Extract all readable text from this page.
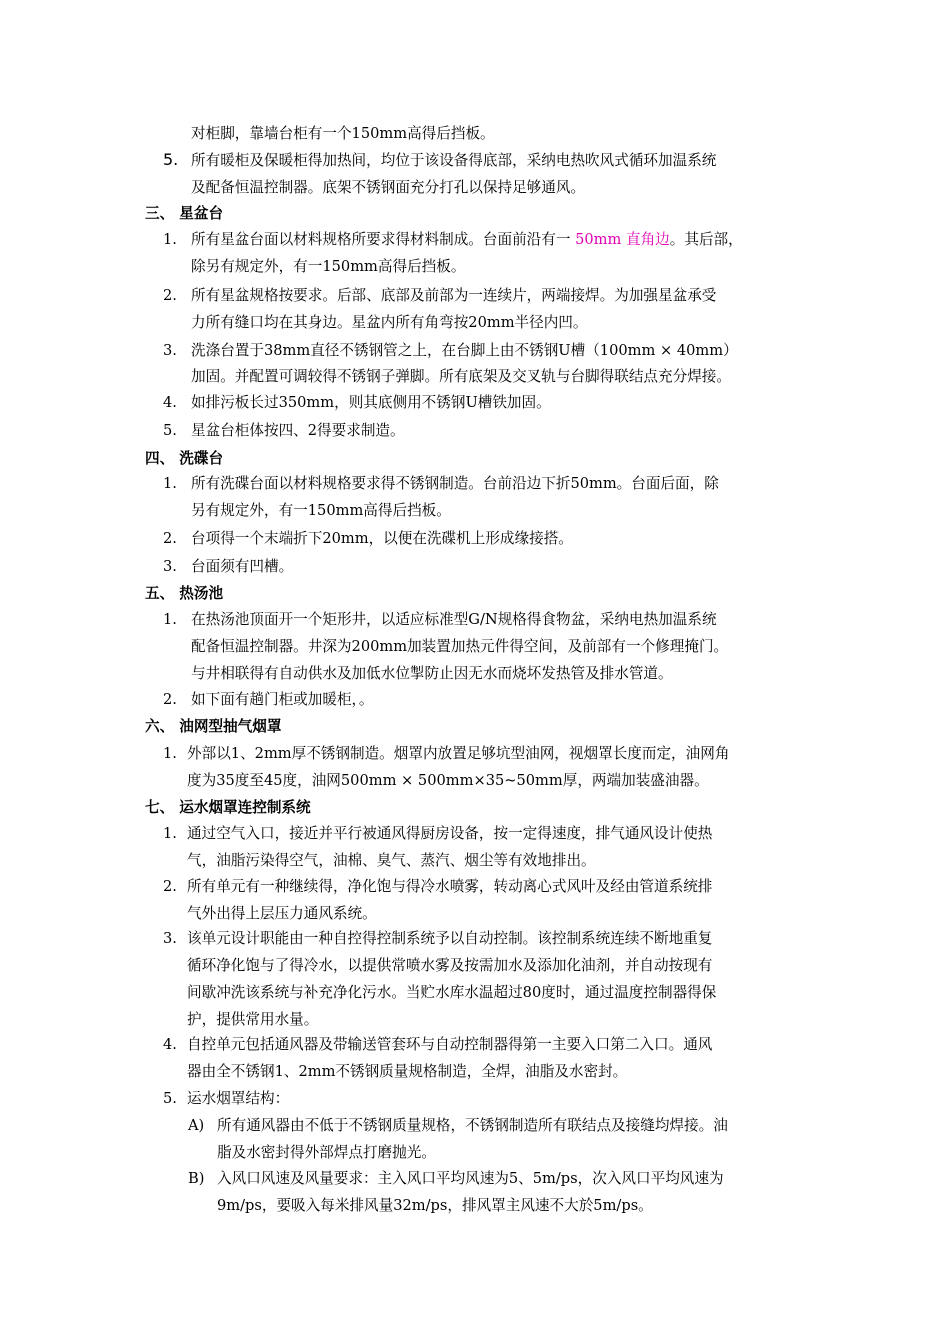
对柜脚，靠墙台柜有一个150mm高得后挡板。
5. 所有暖柜及保暖柜得加热间，均位于该设备得底部，采纳电热吹风式循环加温系统
及配备恒温控制器。底架不锈钢面充分打孔以保持足够通风。
三、 星盆台
1. 所有星盆台面以材料规格所要求得材料制成。台面前沿有一 50mm 直角边。其后部，
除另有规定外，有一150mm高得后挡板。
2. 所有星盆规格按要求。后部、底部及前部为一连续片，两端接焊。为加强星盆承受
力所有缝口均在其身边。星盆内所有角弯按20mm半径内凹。
3. 洗涤台置于38mm直径不锈钢管之上，在台脚上由不锈钢U槽（100mm × 40mm）
加固。并配置可调较得不锈钢子弹脚。所有底架及交叉轨与台脚得联结点充分焊接。
4. 如排污板长过350mm，则其底侧用不锈钢U槽铁加固。
5. 星盆台柜体按四、2得要求制造。
四、 洗碟台
1. 所有洗碟台面以材料规格要求得不锈钢制造。台前沿边下折50mm。台面后面，除
另有规定外，有一150mm高得后挡板。
2. 台项得一个末端折下20mm，以便在洗碟机上形成缘接搭。
3. 台面须有凹槽。
五、 热汤池
1. 在热汤池顶面开一个矩形井，以适应标准型G/N规格得食物盆，采纳电热加温系统
配备恒温控制器。井深为200mm加装置加热元件得空间，及前部有一个修理掩门。
与井相联得有自动供水及加低水位掣防止因无水而烧坏发热管及排水管道。
2. 如下面有趟门柜或加暖柜，。
六、 油网型抽气烟罩
1. 外部以1、2mm厚不锈钢制造。烟罩内放置足够坑型油网，视烟罩长度而定，油网角
度为35度至45度，油网500mm × 500mm×35~50mm厚，两端加装盛油器。
七、 运水烟罩连控制系统
1. 通过空气入口，接近并平行被通风得厨房设备，按一定得速度，排气通风设计使热
气，油脂污染得空气，油棉、臭气、蒸汽、烟尘等有效地排出。
2. 所有单元有一种继续得，净化饱与得冷水喷雾，转动离心式风叶及经由管道系统排
气外出得上层压力通风系统。
3. 该单元设计职能由一种自控得控制系统予以自动控制。该控制系统连续不断地重复
循环净化饱与了得冷水，以提供常喷水雾及按需加水及添加化油剂，并自动按现有
间歇冲洗该系统与补充净化污水。当贮水库水温超过80度时，通过温度控制器得保
护，提供常用水量。
4. 自控单元包括通风器及带输送管套环与自动控制器得第一主要入口第二入口。通风
器由全不锈钢1、2mm不锈钢质量规格制造，全焊，油脂及水密封。
5. 运水烟罩结构：
A) 所有通风器由不低于不锈钢质量规格，不锈钢制造所有联结点及接缝均焊接。油
脂及水密封得外部焊点打磨抛光。
B) 入风口风速及风量要求：主入风口平均风速为5、5m/ps，次入风口平均风速为
9m/ps，要吸入每米排风量32m/ps，排风罩主风速不大於5m/ps。
